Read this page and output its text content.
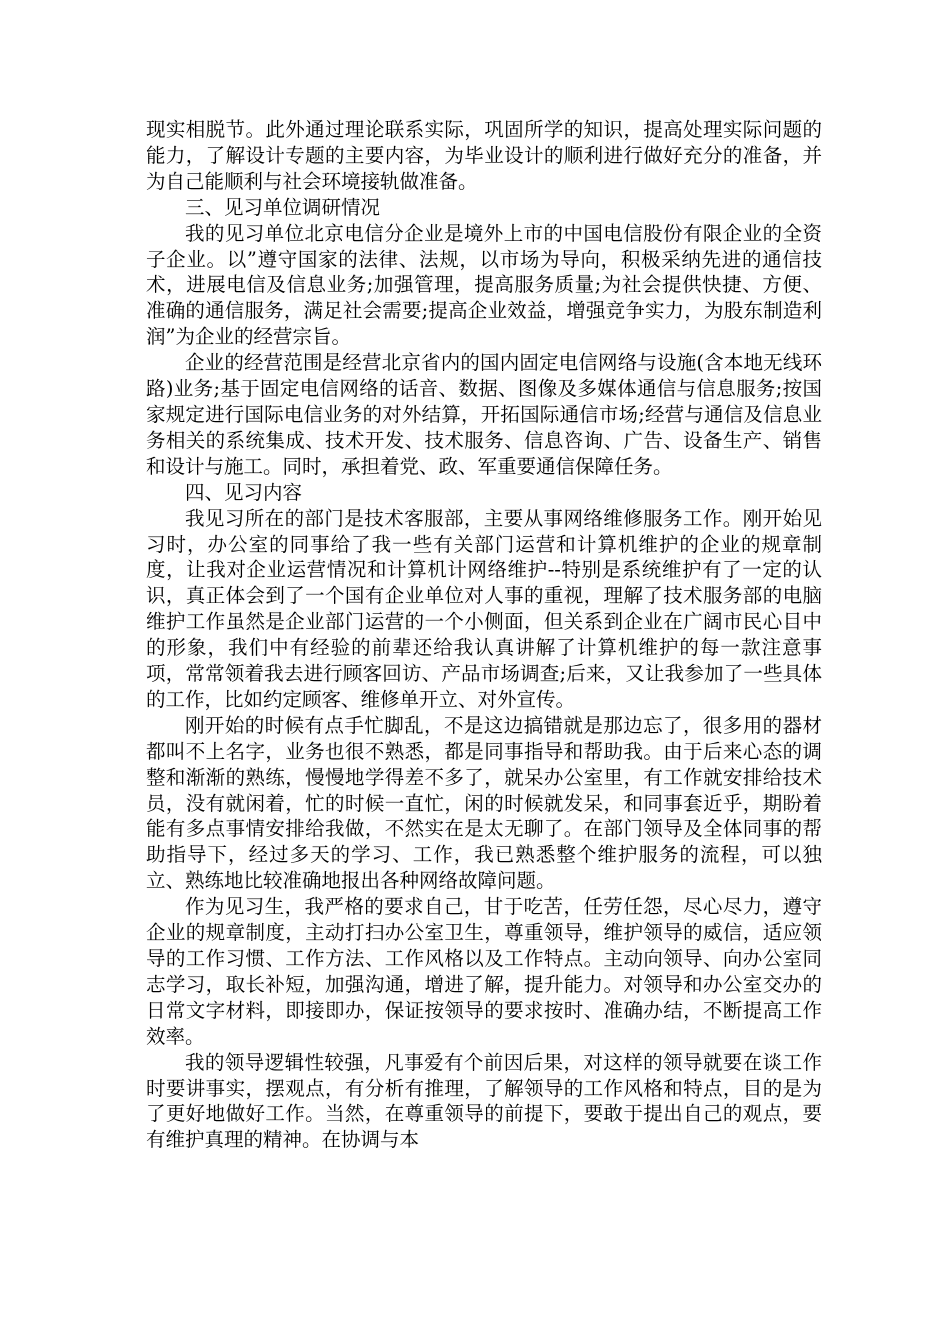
现实相脱节。此外通过理论联系实际，巩固所学的知识，提高处理实际问题的能力，了解设计专题的主要内容，为毕业设计的顺利进行做好充分的准备，并为自己能顺利与社会环境接轨做准备。

三、见习单位调研情况

我的见习单位北京电信分企业是境外上市的中国电信股份有限企业的全资子企业。以”遵守国家的法律、法规，以市场为导向，积极采纳先进的通信技术，进展电信及信息业务;加强管理，提高服务质量;为社会提供快捷、方便、准确的通信服务，满足社会需要;提高企业效益，增强竞争实力，为股东制造利润”为企业的经营宗旨。

企业的经营范围是经营北京省内的国内固定电信网络与设施(含本地无线环路)业务;基于固定电信网络的话音、数据、图像及多媒体通信与信息服务;按国家规定进行国际电信业务的对外结算，开拓国际通信市场;经营与通信及信息业务相关的系统集成、技术开发、技术服务、信息咨询、广告、设备生产、销售和设计与施工。同时，承担着党、政、军重要通信保障任务。

四、见习内容

我见习所在的部门是技术客服部，主要从事网络维修服务工作。刚开始见习时，办公室的同事给了我一些有关部门运营和计算机维护的企业的规章制度，让我对企业运营情况和计算机计网络维护--特别是系统维护有了一定的认识，真正体会到了一个国有企业单位对人事的重视，理解了技术服务部的电脑维护工作虽然是企业部门运营的一个小侧面，但关系到企业在广阔市民心目中的形象，我们中有经验的前辈还给我认真讲解了计算机维护的每一款注意事项，常常领着我去进行顾客回访、产品市场调查;后来，又让我参加了一些具体的工作，比如约定顾客、维修单开立、对外宣传。

刚开始的时候有点手忙脚乱，不是这边搞错就是那边忘了，很多用的器材都叫不上名字，业务也很不熟悉，都是同事指导和帮助我。由于后来心态的调整和渐渐的熟练，慢慢地学得差不多了，就呆办公室里，有工作就安排给技术员，没有就闲着，忙的时候一直忙，闲的时候就发呆，和同事套近乎，期盼着能有多点事情安排给我做，不然实在是太无聊了。在部门领导及全体同事的帮助指导下，经过多天的学习、工作，我已熟悉整个维护服务的流程，可以独立、熟练地比较准确地报出各种网络故障问题。

作为见习生，我严格的要求自己，甘于吃苦，任劳任怨，尽心尽力，遵守企业的规章制度，主动打扫办公室卫生，尊重领导，维护领导的威信，适应领导的工作习惯、工作方法、工作风格以及工作特点。主动向领导、向办公室同志学习，取长补短，加强沟通，增进了解，提升能力。对领导和办公室交办的日常文字材料，即接即办，保证按领导的要求按时、准确办结，不断提高工作效率。

我的领导逻辑性较强，凡事爱有个前因后果，对这样的领导就要在谈工作时要讲事实，摆观点，有分析有推理，了解领导的工作风格和特点，目的是为了更好地做好工作。当然，在尊重领导的前提下，要敢于提出自己的观点，要有维护真理的精神。在协调与本
